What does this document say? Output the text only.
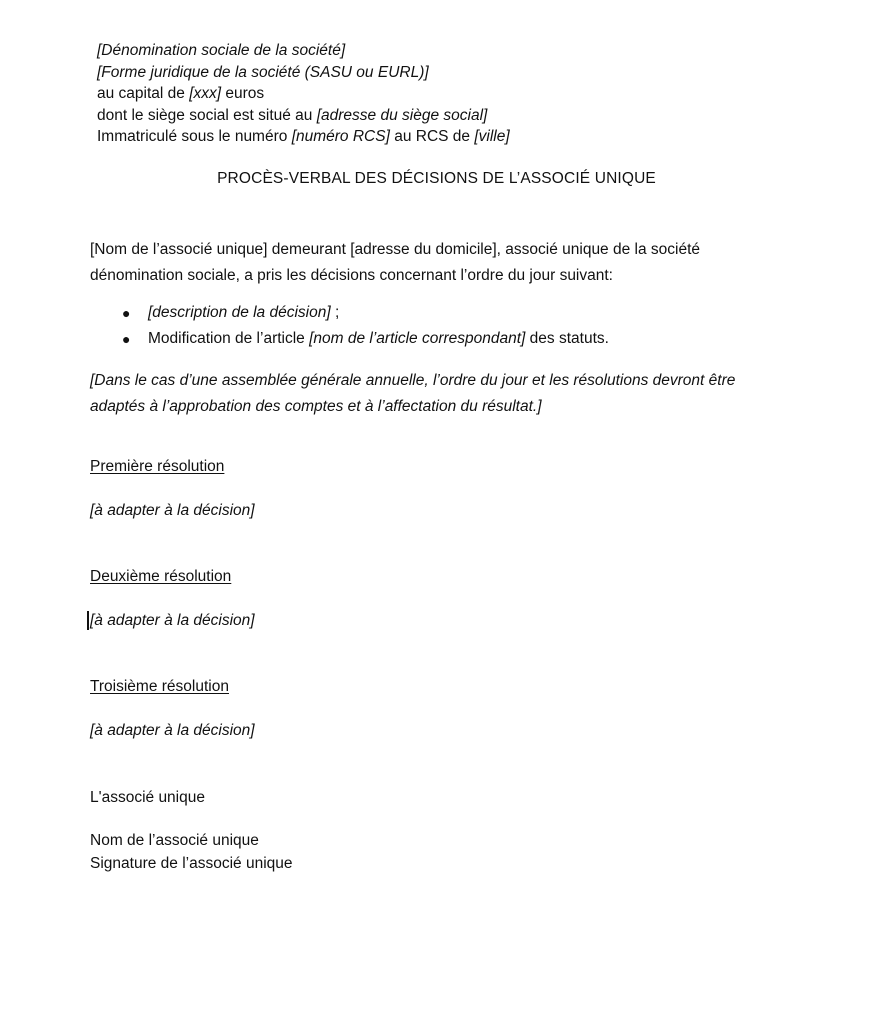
[Dénomination sociale de la société]
[Forme juridique de la société (SASU ou EURL)]
au capital de [xxx] euros
dont le siège social est situé au [adresse du siège social]
Immatriculé sous le numéro [numéro RCS] au RCS de [ville]
PROCÈS-VERBAL DES DÉCISIONS DE L’ASSOCIÉ UNIQUE
[Nom de l’associé unique] demeurant [adresse du domicile], associé unique de la société dénomination sociale, a pris les décisions concernant l’ordre du jour suivant:
● [description de la décision] ;
● Modification de l’article [nom de l’article correspondant] des statuts.
[Dans le cas d’une assemblée générale annuelle, l’ordre du jour et les résolutions devront être adaptés à l’approbation des comptes et à l’affectation du résultat.]
Première résolution
[à adapter à la décision]
Deuxième résolution
[à adapter à la décision]
Troisième résolution
[à adapter à la décision]
L'associé unique
Nom de l’associé unique
Signature de l’associé unique
